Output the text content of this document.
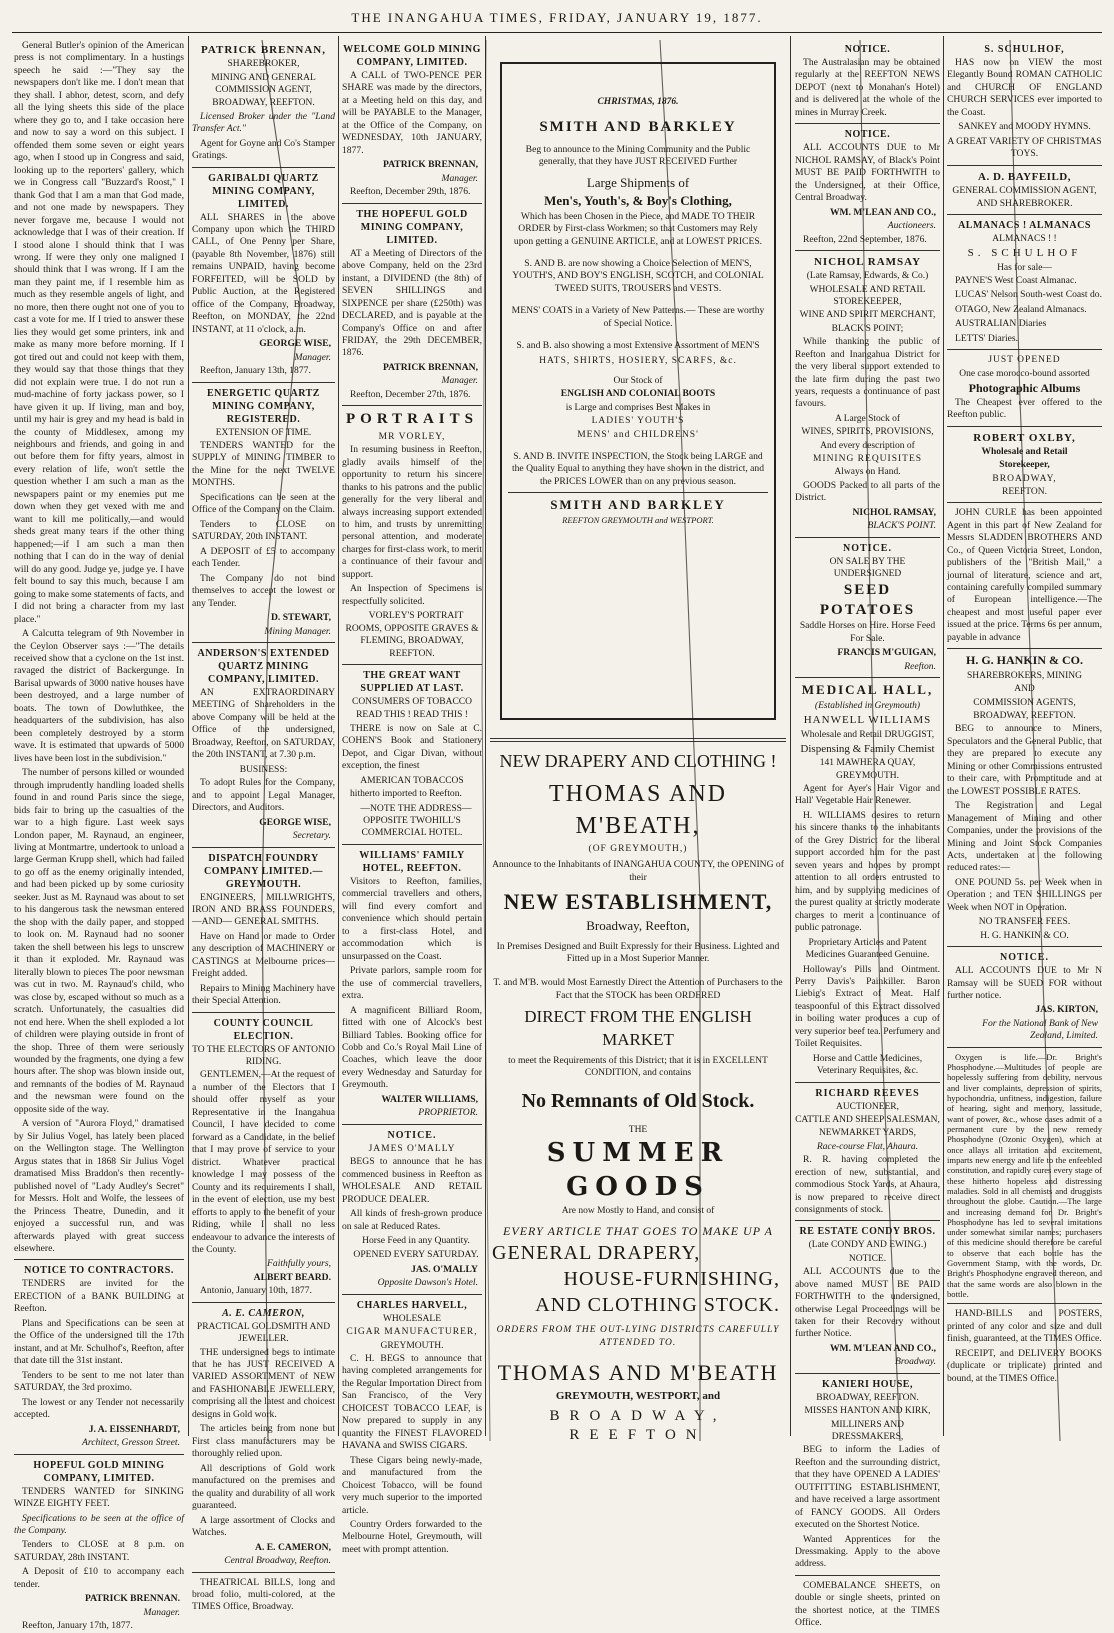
THE INANGAHUA TIMES, FRIDAY, JANUARY 19, 1877.

General Butler's opinion of the American press is not complimentary. In a hustings speech he said :—"They say the newspapers don't like me. I don't mean that they shall. I abhor, detest, scorn, and defy all the lying sheets this side of the place where they go to, and I take occasion here and now to say a word on this subject. I offended them some seven or eight years ago, when I stood up in Congress and said, looking up to the reporters' gallery, which we in Congress call "Buzzard's Roost," I thank God that I am a man that God made, and not one made by newspapers. They never forgave me, because I would not acknowledge that I was of their creation. If I stood alone I should think that I was wrong. If were they only one maligned I should think that I was wrong. If I am the man they paint me, if I resemble him as much as they resemble angels of light, and no more, then there ought not one of you to cast a vote for me. If I tried to answer these lies they would get some printers, ink and make as many more before morning. If I got tired out and could not keep with them, they would say that those things that they did not explain were true. I do not run a mud-machine of forty jackass power, so I have given it up. If living, man and boy, until my hair is grey and my head is bald in the county of Middlesex, among my neighbours and friends, and going in and out before them for fifty years, almost in every relation of life, won't settle the question whether I am such a man as the newspapers paint or my enemies put me down when they get vexed with me and want to kill me politically,—and would sheds great many tears if the other thing happened;—if I am such a man then nothing that I can do in the way of denial will do any good. Judge ye, judge ye. I have felt bound to say this much, because I am going to make some statements of facts, and I did not bring a character from my last place."

A Calcutta telegram of 9th November in the Ceylon Observer says :—"The details received show that a cyclone on the 1st inst. ravaged the district of Backergunge. In Barisal upwards of 3000 native houses have been destroyed, and a large number of boats. The town of Dowluthkee, the headquarters of the subdivision, has also been completely destroyed by a storm wave. It is estimated that upwards of 5000 lives have been lost in the subdivision."

The number of persons killed or wounded through imprudently handling loaded shells found in and round Paris since the siege, bids fair to bring up the casualties of the war to a high figure. Last week says London paper, M. Raynaud, an engineer, living at Montmartre, undertook to unload a large German Krupp shell, which had failed to go off as the enemy originally intended, and had been picked up by some curiosity seeker. Just as M. Raynaud was about to set to his dangerous task the newsman entered the shop with the daily paper, and stopped to look on. M. Raynaud had no sooner taken the shell between his legs to unscrew it than it exploded. Mr. Raynaud was literally blown to pieces The poor newsman was cut in two. M. Raynaud's child, who was close by, escaped without so much as a scratch. Unfortunately, the casualties did not end here. When the shell exploded a lot of children were playing outside in front of the shop. Three of them were seriously wounded by the fragments, one dying a few hours after. The shop was blown inside out, and remnants of the bodies of M. Raynaud and the newsman were found on the opposite side of the way.

A version of "Aurora Floyd," dramatised by Sir Julius Vogel, has lately been placed on the Wellington stage. The Wellington Argus states that in 1868 Sir Julius Vogel dramatised Miss Braddon's then recently-published novel of "Lady Audley's Secret" for Messrs. Holt and Wolfe, the lessees of the Princess Theatre, Dunedin, and it enjoyed a successful run, and was afterwards played with great success elsewhere.

NOTICE TO CONTRACTORS.

TENDERS are invited for the ERECTION of a BANK BUILDING at Reefton.

Plans and Specifications can be seen at the Office of the undersigned till the 17th instant, and at Mr. Schulhof's, Reefton, after that date till the 31st instant.

Tenders to be sent to me not later than SATURDAY, the 3rd proximo.

The lowest or any Tender not necessarily accepted.

J. A. EISSENHARDT,
Architect, Gresson Street.
HOPEFUL GOLD MINING COMPANY, LIMITED.

TENDERS WANTED for SINKING WINZE EIGHTY FEET.

Specifications to be seen at the office of the Company.

Tenders to CLOSE at 8 p.m. on SATURDAY, 28th INSTANT.

A Deposit of £10 to accompany each tender.

PATRICK BRENNAN.
Manager.
Reefton, January 17th, 1877.
PATRICK BRENNAN,
SHAREBROKER,
MINING AND GENERAL COMMISSION AGENT,
BROADWAY, REEFTON.

Licensed Broker under the "Land Transfer Act."

Agent for Goyne and Co's Stamper Gratings.

GARIBALDI QUARTZ MINING COMPANY, LIMITED.

ALL SHARES in the above Company upon which the THIRD CALL, of One Penny per Share, (payable 8th November, 1876) still remains UNPAID, having become FORFEITED, will be SOLD by Public Auction, at the Registered office of the Company, Broadway, Reefton, on MONDAY, the 22nd INSTANT, at 11 o'clock, a.m.

GEORGE WISE,
Manager.
Reefton, January 13th, 1877.
ENERGETIC QUARTZ MINING COMPANY, REGISTERED.
EXTENSION OF TIME.

TENDERS WANTED for the SUPPLY of MINING TIMBER to the Mine for the next TWELVE MONTHS.

Specifications can be seen at the Office of the Company on the Claim.

Tenders to CLOSE on SATURDAY, 20th INSTANT.

A DEPOSIT of £5 to accompany each Tender.

The Company do not bind themselves to accept the lowest or any Tender.

D. STEWART,
Mining Manager.
ANDERSON'S EXTENDED QUARTZ MINING COMPANY, LIMITED.

AN EXTRAORDINARY MEETING of Shareholders in the above Company will be held at the Office of the undersigned, Broadway, Reefton, on SATURDAY, the 20th INSTANT, at 7.30 p.m.

BUSINESS:

To adopt Rules for the Company, and to appoint Legal Manager, Directors, and Auditors.

GEORGE WISE,
Secretary.
DISPATCH FOUNDRY COMPANY LIMITED.—GREYMOUTH.

ENGINEERS, MILLWRIGHTS, IRON AND BRASS FOUNDERS, —AND— GENERAL SMITHS.

Have on Hand or made to Order any description of MACHINERY or CASTINGS at Melbourne prices—Freight added.

Repairs to Mining Machinery have their Special Attention.

COUNTY COUNCIL ELECTION.
TO THE ELECTORS OF ANTONIO RIDING.

GENTLEMEN,—At the request of a number of the Electors that I should offer myself as your Representative in the Inangahua Council, I have decided to come forward as a Candidate, in the belief that I may prove of service to your district. Whatever practical knowledge I may possess of the County and its requirements I shall, in the event of election, use my best efforts to apply to the benefit of your Riding, while I shall no less endeavour to advance the interests of the County.

Faithfully yours,
ALBERT BEARD.
Antonio, January 10th, 1877.
A. E. CAMERON,
PRACTICAL GOLDSMITH AND JEWELLER.

THE undersigned begs to intimate that he has JUST RECEIVED A VARIED ASSORTMENT of NEW and FASHIONABLE JEWELLERY, comprising all the latest and choicest designs in Gold work.

The articles being from none but First class manufacturers may be thoroughly relied upon.

All descriptions of Gold work manufactured on the premises and the quality and durability of all work guaranteed.

A large assortment of Clocks and Watches.

A. E. CAMERON,
Central Broadway, Reefton.

THEATRICAL BILLS, long and broad folio, multi-colored, at the TIMES Office, Broadway.

WELCOME GOLD MINING COMPANY, LIMITED.

A CALL of TWO-PENCE PER SHARE was made by the directors, at a Meeting held on this day, and will be PAYABLE to the Manager, at the Office of the Company, on WEDNESDAY, 10th JANUARY, 1877.

PATRICK BRENNAN,
Manager.
Reefton, December 29th, 1876.
THE HOPEFUL GOLD MINING COMPANY, LIMITED.

AT a Meeting of Directors of the above Company, held on the 23rd instant, a DIVIDEND (the 8th) of SEVEN SHILLINGS and SIXPENCE per share (£250th) was DECLARED, and is payable at the Company's Office on and after FRIDAY, the 29th DECEMBER, 1876.

PATRICK BRENNAN,
Manager.
Reefton, December 27th, 1876.
PORTRAITS
MR VORLEY,

In resuming business in Reefton, gladly avails himself of the opportunity to return his sincere thanks to his patrons and the public generally for the very liberal and always increasing support extended to him, and trusts by unremitting personal attention, and moderate charges for first-class work, to merit a continuance of their favour and support.

An Inspection of Specimens is respectfully solicited.

VORLEY'S PORTRAIT ROOMS, OPPOSITE GRAVES & FLEMING, BROADWAY, REEFTON.

THE GREAT WANT SUPPLIED AT LAST.
CONSUMERS OF TOBACCO
READ THIS ! READ THIS !

THERE is now on Sale at C. COHEN'S Book and Stationery Depot, and Cigar Divan, without exception, the finest

AMERICAN TOBACCOS

hitherto imported to Reefton.

—NOTE THE ADDRESS— OPPOSITE TWOHILL'S COMMERCIAL HOTEL.

WILLIAMS' FAMILY HOTEL, REEFTON.

Visitors to Reefton, families, commercial travellers and others, will find every comfort and convenience which should pertain to a first-class Hotel, and accommodation which is unsurpassed on the Coast.

Private parlors, sample room for the use of commercial travellers, extra.

A magnificent Billiard Room, fitted with one of Alcock's best Billiard Tables. Booking office for Cobb and Co.'s Royal Mail Line of Coaches, which leave the door every Wednesday and Saturday for Greymouth.

WALTER WILLIAMS,
PROPRIETOR.
NOTICE.
JAMES O'MALLY

BEGS to announce that he has commenced business in Reefton as WHOLESALE AND RETAIL PRODUCE DEALER.

All kinds of fresh-grown produce on sale at Reduced Rates.

Horse Feed in any Quantity.

OPENED EVERY SATURDAY.

JAS. O'MALLY
Opposite Dawson's Hotel.
CHARLES HARVELL,
WHOLESALE
CIGAR MANUFACTURER,
GREYMOUTH.

C. H. BEGS to announce that having completed arrangements for the Regular Importation Direct from San Francisco, of the Very CHOICEST TOBACCO LEAF, is Now prepared to supply in any quantity the FINEST FLAVORED HAVANA and SWISS CIGARS.

These Cigars being newly-made, and manufactured from the Choicest Tobacco, will be found very much superior to the imported article.

Country Orders forwarded to the Melbourne Hotel, Greymouth, will meet with prompt attention.

CHRISTMAS, 1876.
SMITH AND BARKLEY

Beg to announce to the Mining Community and the Public generally, that they have JUST RECEIVED Further

Large Shipments of
Men's, Youth's, & Boy's Clothing,

Which has been Chosen in the Piece, and MADE TO THEIR ORDER by First-class Workmen; so that Customers may Rely upon getting a GENUINE ARTICLE, and at LOWEST PRICES.

S. AND B. are now showing a Choice Selection of MEN'S, YOUTH'S, AND BOY'S ENGLISH, SCOTCH, and COLONIAL TWEED SUITS, TROUSERS and VESTS.

MENS' COATS in a Variety of New Patterns.— These are worthy of Special Notice.

S. and B. also showing a most Extensive Assortment of MEN'S

HATS, SHIRTS, HOSIERY, SCARFS, &c.
Our Stock of
ENGLISH AND COLONIAL BOOTS
is Large and comprises Best Makes in
LADIES' YOUTH'S
MENS' and CHILDRENS'

S. AND B. INVITE INSPECTION, the Stock being LARGE and the Quality Equal to anything they have shown in the district, and the PRICES LOWER than on any previous season.

SMITH AND BARKLEY
REEFTON GREYMOUTH and WESTPORT.
NEW DRAPERY AND CLOTHING !
THOMAS AND M'BEATH,
(OF GREYMOUTH,)

Announce to the Inhabitants of INANGAHUA COUNTY, the OPENING of their

NEW ESTABLISHMENT,
Broadway, Reefton,

In Premises Designed and Built Expressly for their Business. Lighted and Fitted up in a Most Superior Manner.

T. and M'B. would Most Earnestly Direct the Attention of Purchasers to the Fact that the STOCK has been ORDERED

DIRECT FROM THE ENGLISH MARKET

to meet the Requirements of this District; that it is in EXCELLENT CONDITION, and contains

No Remnants of Old Stock.
THE
SUMMER GOODS
Are now Mostly to Hand, and consist of
EVERY ARTICLE THAT GOES TO MAKE UP A
GENERAL DRAPERY,
HOUSE-FURNISHING,
AND CLOTHING STOCK.
ORDERS FROM THE OUT-LYING DISTRICTS CAREFULLY ATTENDED TO.
THOMAS AND M'BEATH
GREYMOUTH, WESTPORT, and
BROADWAY, REEFTON
NOTICE.

The Australasian may be obtained regularly at the REEFTON NEWS DEPOT (next to Monahan's Hotel) and is delivered at the whole of the mines in Murray Creek.

NOTICE.

ALL ACCOUNTS DUE to Mr NICHOL RAMSAY, of Black's Point MUST BE PAID FORTHWITH to the Undersigned, at their Office, Central Broadway.

WM. M'LEAN AND CO.,
Auctioneers.
Reefton, 22nd September, 1876.
NICHOL RAMSAY
(Late Ramsay, Edwards, & Co.)
WHOLESALE AND RETAIL STOREKEEPER,
WINE AND SPIRIT MERCHANT,
BLACK'S POINT;

While thanking the public of Reefton and Inangahua District for the very liberal support extended to the late firm during the past two years, requests a continuance of past favours.

A Large Stock of
WINES, SPIRITS, PROVISIONS,
And every description of
MINING REQUISITES
Always on Hand.

GOODS Packed to all parts of the District.

NICHOL RAMSAY,
BLACK'S POINT.
NOTICE.
ON SALE BY THE UNDERSIGNED
SEED POTATOES

Saddle Horses on Hire. Horse Feed For Sale.

FRANCIS M'GUIGAN,
Reefton.
MEDICAL HALL,
(Established in Greymouth)
HANWELL WILLIAMS
Wholesale and Retail DRUGGIST,
Dispensing & Family Chemist
141 MAWHERA QUAY, GREYMOUTH.

Agent for Ayer's Hair Vigor and Hall' Vegetable Hair Renewer.

H. WILLIAMS desires to return his sincere thanks to the inhabitants of the Grey District for the liberal support accorded him for the past seven years and hopes by prompt attention to all orders entrusted to him, and by supplying medicines of the purest quality at strictly moderate charges to merit a continuance of public patronage.

Proprietary Articles and Patent Medicines Guaranteed Genuine.

Holloway's Pills and Ointment. Perry Davis's Painkiller. Baron Liebig's Extract of Meat. Half teaspoonful of this Extract dissolved in boiling water produces a cup of very superior beef tea. Perfumery and Toilet Requisites.

Horse and Cattle Medicines, Veterinary Requisites, &c.

RICHARD REEVES
AUCTIONEER,
CATTLE AND SHEEP SALESMAN,
NEWMARKET YARDS,
Race-course Flat, Ahaura.

R. R. having completed the erection of new, substantial, and commodious Stock Yards, at Ahaura, is now prepared to receive direct consignments of stock.

RE ESTATE CONDY BROS.
(Late CONDY AND EWING.)
NOTICE.

ALL ACCOUNTS due to the above named MUST BE PAID FORTHWITH to the undersigned, otherwise Legal Proceedings will be taken for their Recovery without further Notice.

WM. M'LEAN AND CO.,
Broadway.
KANIERI HOUSE,
BROADWAY, REEFTON.
MISSES HANTON AND KIRK,
MILLINERS AND DRESSMAKERS,

BEG to inform the Ladies of Reefton and the surrounding district, that they have OPENED A LADIES' OUTFITTING ESTABLISHMENT, and have received a large assortment of FANCY GOODS. All Orders executed on the Shortest Notice.

Wanted Apprentices for the Dressmaking. Apply to the above address.

COMEBALANCE SHEETS, on double or single sheets, printed on the shortest notice, at the TIMES Office.

S. SCHULHOF,

HAS now on VIEW the most Elegantly Bound ROMAN CATHOLIC and CHURCH OF ENGLAND CHURCH SERVICES ever imported to the Coast.

SANKEY and MOODY HYMNS.

A GREAT VARIETY OF CHRISTMAS TOYS.

A. D. BAYFEILD,

GENERAL COMMISSION AGENT, AND SHAREBROKER.

ALMANACS ! ALMANACS
ALMANACS ! !
S. SCHULHOF
Has for sale—

PAYNE'S West Coast Almanac.

LUCAS' Nelson South-west Coast do.

OTAGO, New Zealand Almanacs.

AUSTRALIAN Diaries

LETTS' Diaries.

JUST OPENED
One case morocco-bound assorted
Photographic Albums

The Cheapest ever offered to the Reefton public.

ROBERT OXLBY,
Wholesale and Retail
Storekeeper,
BROADWAY,
REEFTON.

JOHN CURLE has been appointed Agent in this part of New Zealand for Messrs SLADDEN BROTHERS AND Co., of Queen Victoria Street, London, publishers of the "British Mail," a journal of literature, science and art, containing carefully compiled summary of European intelligence.—The cheapest and most useful paper ever issued at the price. Terms 6s per annum, payable in advance

H. G. HANKIN & CO.
SHAREBROKERS, MINING
AND
COMMISSION AGENTS,
BROADWAY, REEFTON.

BEG to announce to Miners, Speculators and the General Public, that they are prepared to execute any Mining or other Commissions entrusted to their care, with Promptitude and at the LOWEST POSSIBLE RATES.

The Registration and Legal Management of Mining and other Companies, under the provisions of the Mining and Joint Stock Companies Acts, undertaken at the following reduced rates:—

ONE POUND 5s. per Week when in Operation ; and TEN SHILLINGS per Week when NOT in Operation.

NO TRANSFER FEES.
H. G. HANKIN & CO.
NOTICE.

ALL ACCOUNTS DUE to Mr N Ramsay will be SUED FOR without further notice.

JAS. KIRTON,
For the National Bank of New Zealand, Limited.

Oxygen is life.—Dr. Bright's Phosphodyne.—Multitudes of people are hopelessly suffering from debility, nervous and liver complaints, depression of spirits, hypochondria, unfitness, indigestion, failure of hearing, sight and memory, lassitude, want of power, &c., whose cases admit of a permanent cure by the new remedy Phosphodyne (Ozonic Oxygen), which at once allays all irritation and excitement, imparts new energy and life to the enfeebled constitution, and rapidly cures every stage of these hitherto hopeless and distressing maladies. Sold in all chemists and druggists throughout the globe. Caution.—The large and increasing demand for Dr. Bright's Phosphodyne has led to several imitations under somewhat similar names; purchasers of this medicine should therefore be careful to observe that each bottle has the Government Stamp, with the words, Dr. Bright's Phosphodyne engraved thereon, and that the same words are also blown in the bottle.

HAND-BILLS and POSTERS, printed of any color and size and dull finish, guaranteed, at the TIMES Office.

RECEIPT, and DELIVERY BOOKS (duplicate or triplicate) printed and bound, at the TIMES Office.
